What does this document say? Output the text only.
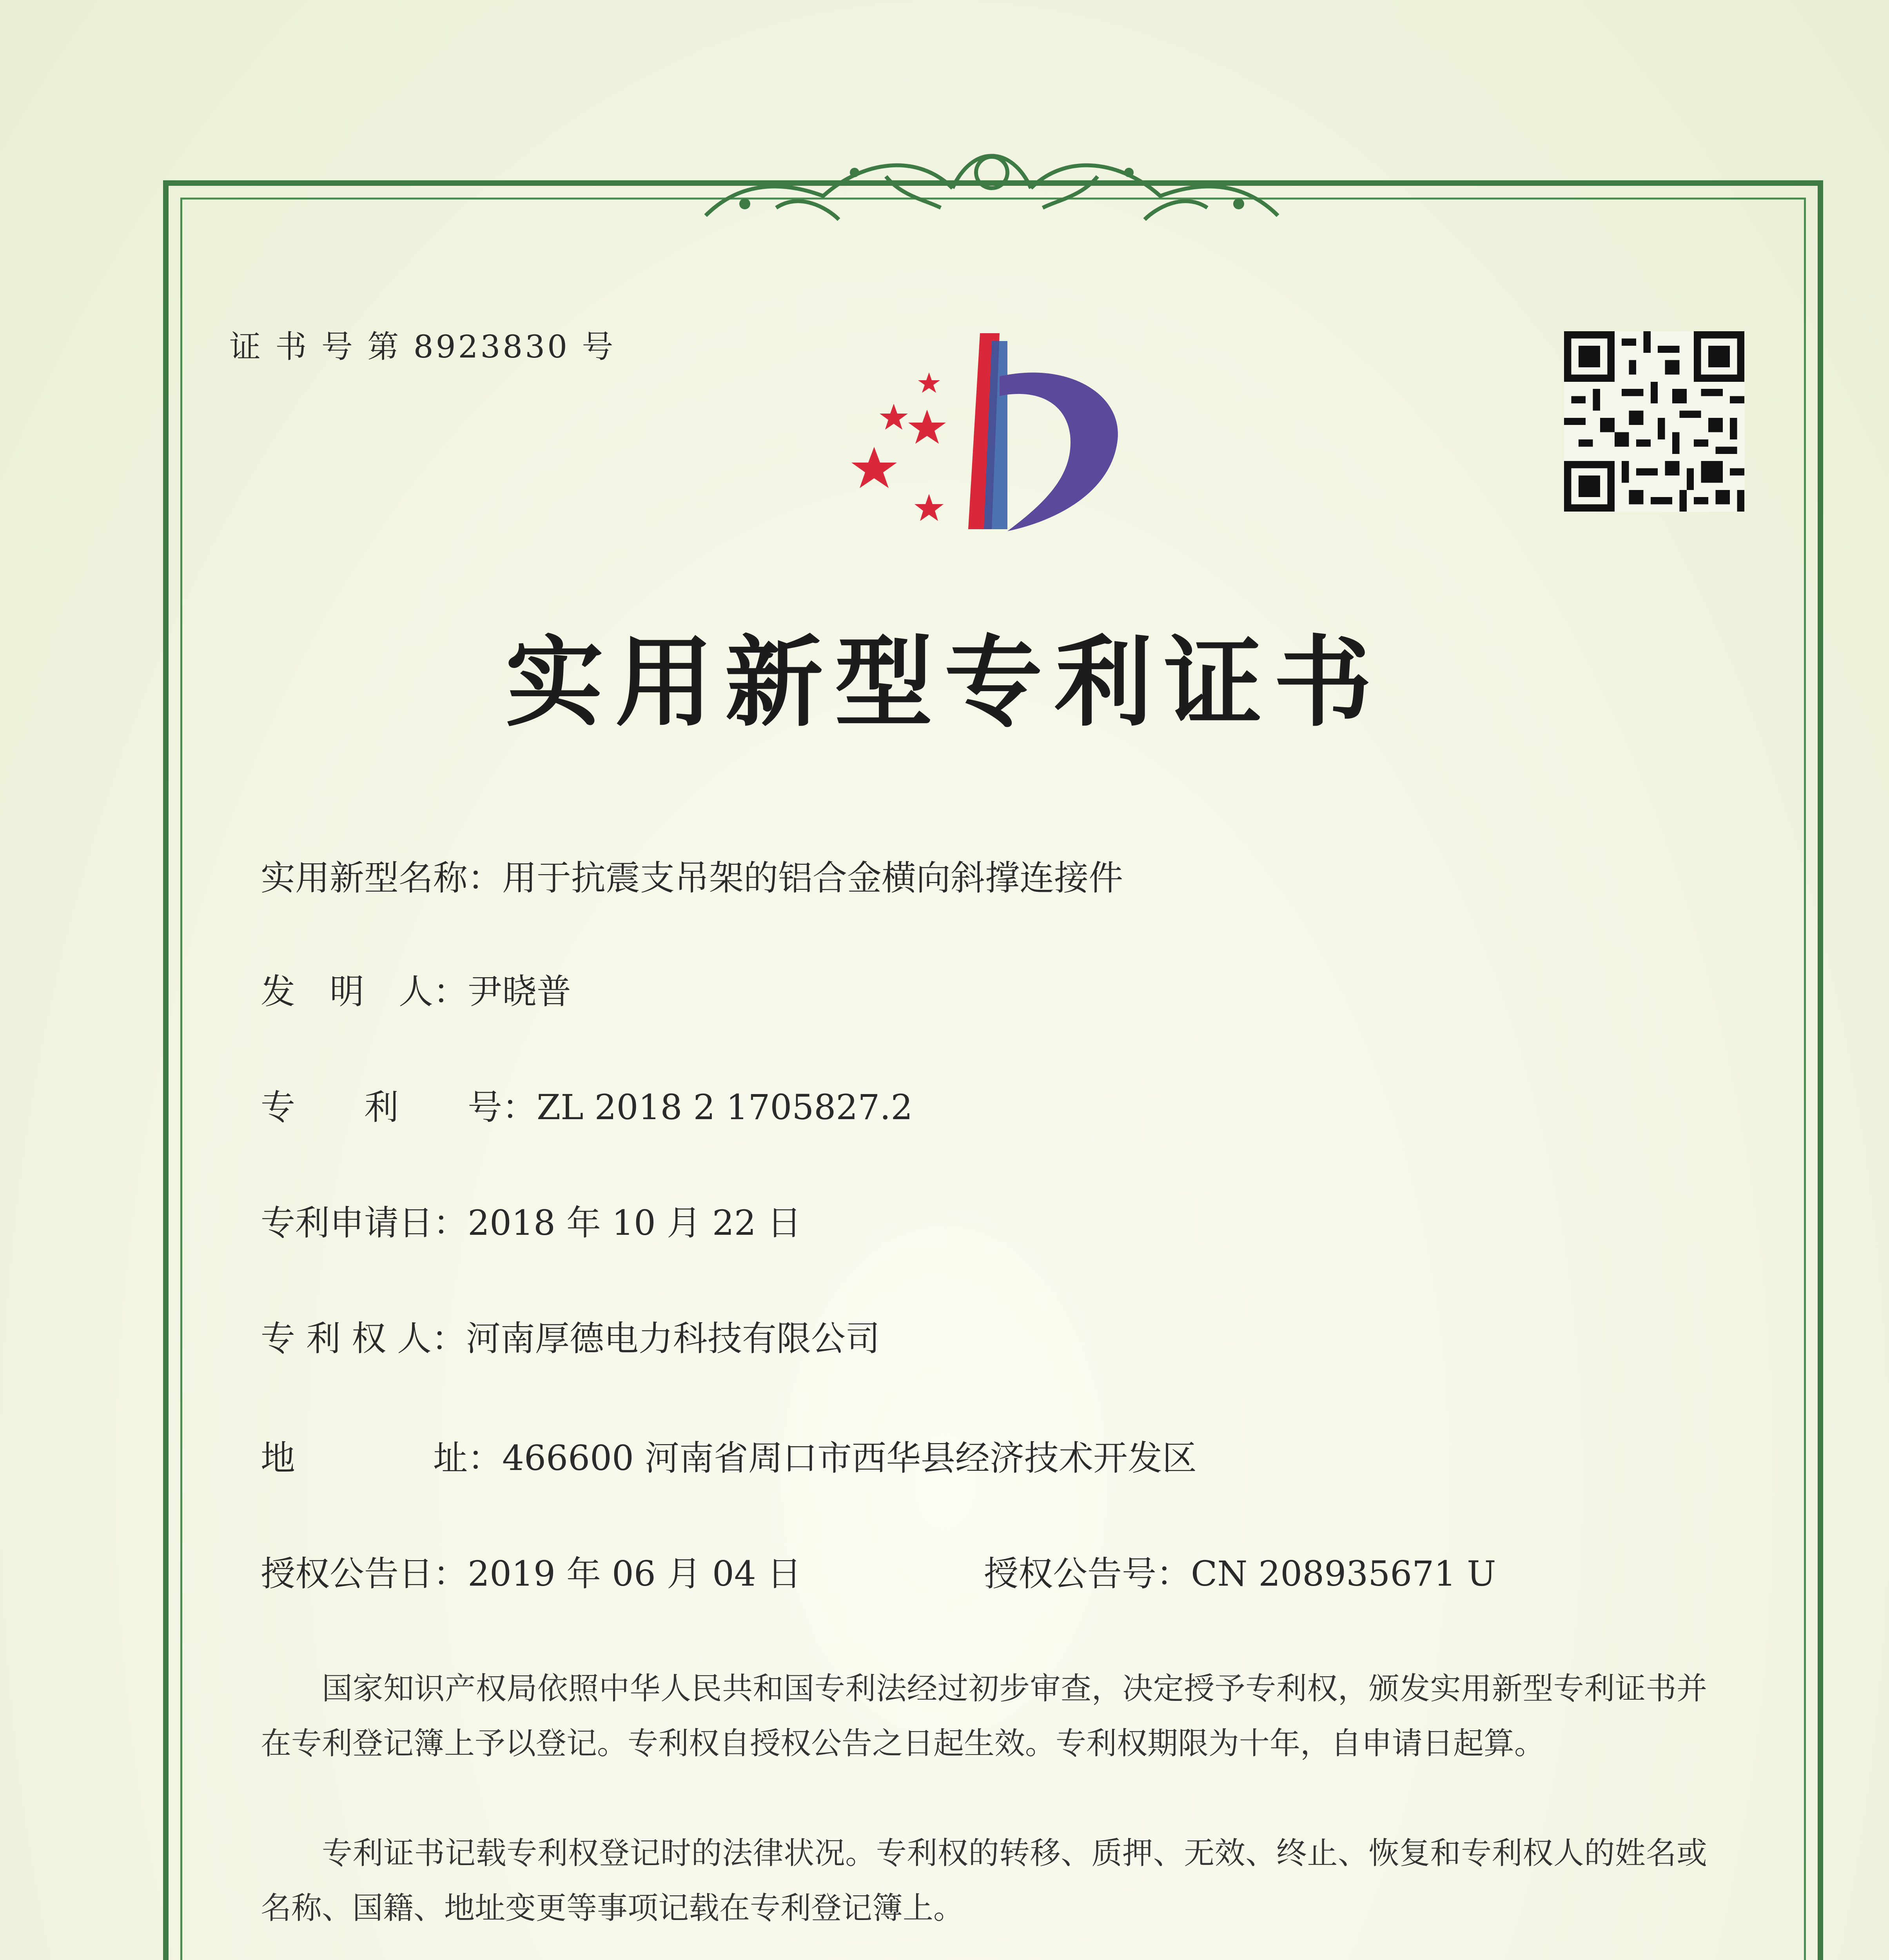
证 书 号 第 8923830 号
实用新型专利证书
实用新型名称：用于抗震支吊架的铝合金横向斜撑连接件
发　明　人：尹晓普
专　　利　　号：ZL 2018 2 1705827.2
专利申请日：2018 年 10 月 22 日
专 利 权 人：河南厚德电力科技有限公司
地　　　　址：466600 河南省周口市西华县经济技术开发区
授权公告日：2019 年 06 月 04 日	授权公告号：CN 208935671 U

国家知识产权局依照中华人民共和国专利法经过初步审查，决定授予专利权，颁发实用新型专利证书并在专利登记簿上予以登记。专利权自授权公告之日起生效。专利权期限为十年，自申请日起算。

专利证书记载专利权登记时的法律状况。专利权的转移、质押、无效、终止、恢复和专利权人的姓名或名称、国籍、地址变更等事项记载在专利登记簿上。
